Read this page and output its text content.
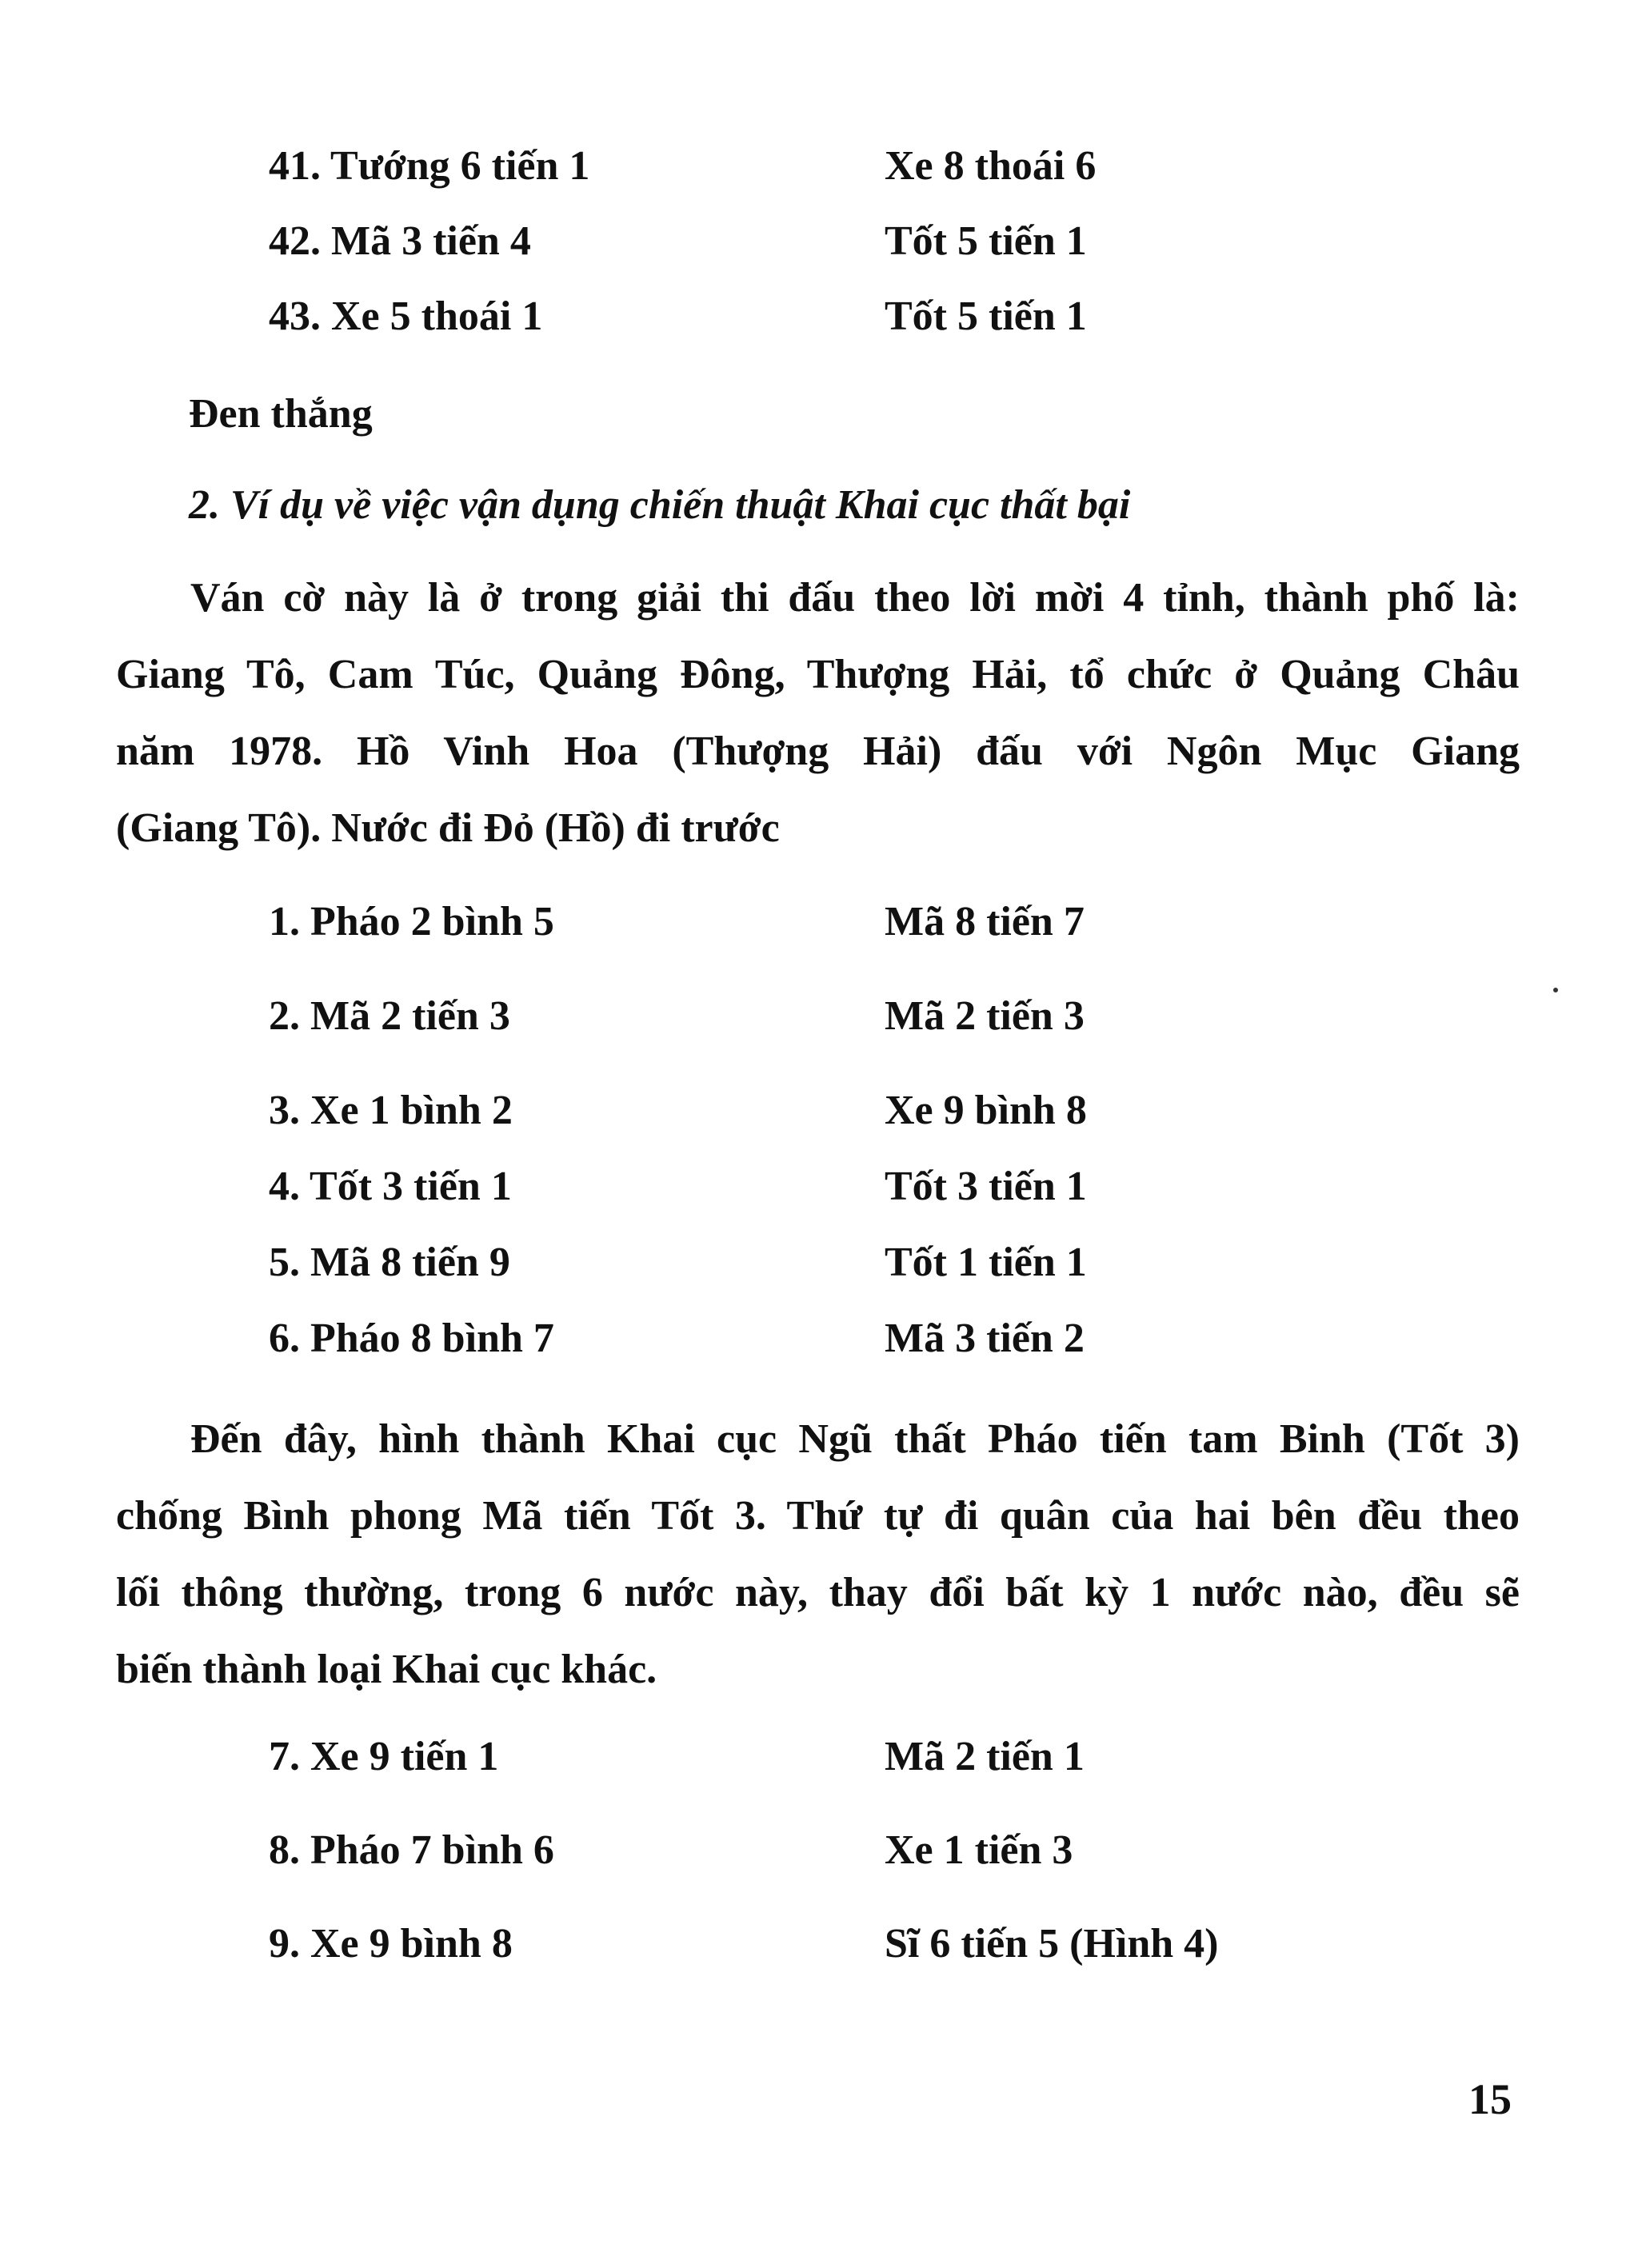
41. Tướng 6 tiến 1	Xe 8 thoái 6
42. Mã 3 tiến 4	Tốt 5 tiến 1
43. Xe 5 thoái 1	Tốt 5 tiến 1
Đen thắng
2. Ví dụ về việc vận dụng chiến thuật Khai cục thất bại
Ván cờ này là ở trong giải thi đấu theo lời mời 4 tỉnh, thành phố là:
Giang Tô, Cam Túc, Quảng Đông, Thượng Hải, tổ chức ở Quảng Châu
năm 1978. Hồ Vinh Hoa (Thượng Hải) đấu với Ngôn Mục Giang
(Giang Tô). Nước đi Đỏ (Hồ) đi trước
1. Pháo 2 bình 5	Mã 8 tiến 7
2. Mã 2 tiến 3	Mã 2 tiến 3
3. Xe 1 bình 2	Xe 9 bình 8
4. Tốt 3 tiến 1	Tốt 3 tiến 1
5. Mã 8 tiến 9	Tốt 1 tiến 1
6. Pháo 8 bình 7	Mã 3 tiến 2
Đến đây, hình thành Khai cục Ngũ thất Pháo tiến tam Binh (Tốt 3)
chống Bình phong Mã tiến Tốt 3. Thứ tự đi quân của hai bên đều theo
lối thông thường, trong 6 nước này, thay đổi bất kỳ 1 nước nào, đều sẽ
biến thành loại Khai cục khác.
7. Xe 9 tiến 1	Mã 2 tiến 1
8. Pháo 7 bình 6	Xe 1 tiến 3
9. Xe 9 bình 8	Sĩ 6 tiến 5 (Hình 4)
15
